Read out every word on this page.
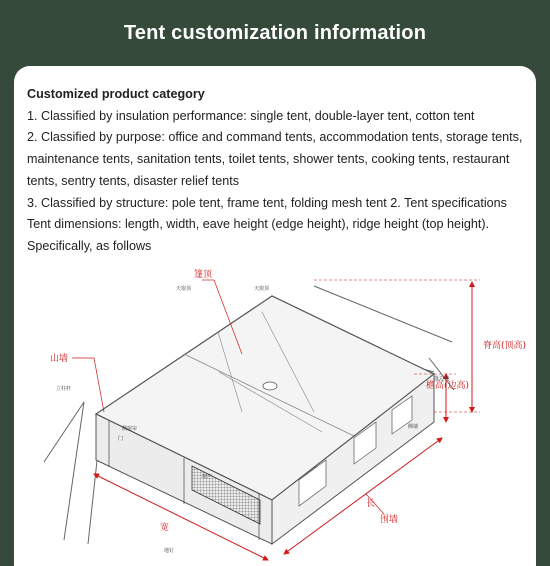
Tent customization information
Customized product category
1. Classified by insulation performance: single tent, double-layer tent, cotton tent
2. Classified by purpose: office and command tents, accommodation tents, storage tents, maintenance tents, sanitation tents, toilet tents, shower tents, cooking tents, restaurant tents, sentry tents, disaster relief tents
3. Classified by structure: pole tent, frame tent, folding mesh tent 2. Tent specifications Tent dimensions: length, width, eave height (edge height), ridge height (top height). Specifically, as follows
篷顶
山墙
脊高(顶高)
檐高(边高)
长
宽
围墙
天窗顶	天窗顶
立柱杆
门
地钉
窗户
侧墙
侧窗帘
篷边绳
